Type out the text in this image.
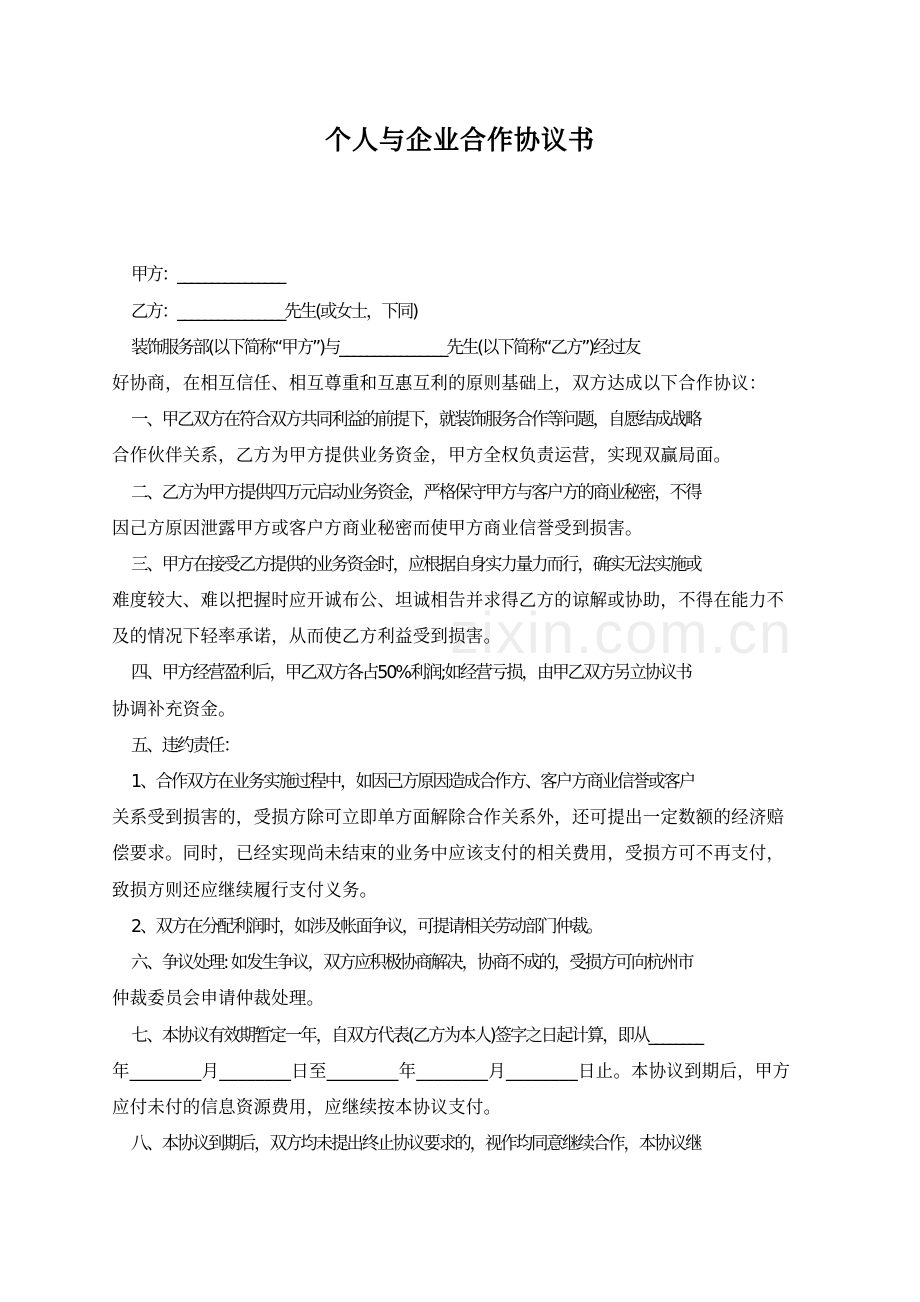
个人与企业合作协议书
zixin.com.cn
甲方：________________
乙方：________________先生(或女士，下同)
装饰服务部(以下简称“甲方”)与________________先生(以下简称“乙方”)经过友
好协商，在相互信任、相互尊重和互惠互利的原则基础上，双方达成以下合作协议：
一、甲乙双方在符合双方共同利益的前提下，就装饰服务合作等问题，自愿结成战略
合作伙伴关系，乙方为甲方提供业务资金，甲方全权负责运营，实现双赢局面。
二、乙方为甲方提供四万元启动业务资金，严格保守甲方与客户方的商业秘密，不得
因己方原因泄露甲方或客户方商业秘密而使甲方商业信誉受到损害。
三、甲方在接受乙方提供的业务资金时，应根据自身实力量力而行，确实无法实施或
难度较大、难以把握时应开诚布公、坦诚相告并求得乙方的谅解或协助，不得在能力不
及的情况下轻率承诺，从而使乙方利益受到损害。
四、甲方经营盈利后，甲乙双方各占50%利润;如经营亏损，由甲乙双方另立协议书
协调补充资金。
五、违约责任：
1、合作双方在业务实施过程中，如因己方原因造成合作方、客户方商业信誉或客户
关系受到损害的，受损方除可立即单方面解除合作关系外，还可提出一定数额的经济赔
偿要求。同时，已经实现尚未结束的业务中应该支付的相关费用，受损方可不再支付，
致损方则还应继续履行支付义务。
2、双方在分配利润时，如涉及帐面争议，可提请相关劳动部门仲裁。
六、争议处理: 如发生争议，双方应积极协商解决，协商不成的，受损方可向杭州市
仲裁委员会申请仲裁处理。
七、本协议有效期暂定一年，自双方代表(乙方为本人)签字之日起计算，即从________
年________月________日至________年________月________日止。本协议到期后，甲方
应付未付的信息资源费用，应继续按本协议支付。
八、本协议到期后，双方均未提出终止协议要求的，视作均同意继续合作，本协议继
